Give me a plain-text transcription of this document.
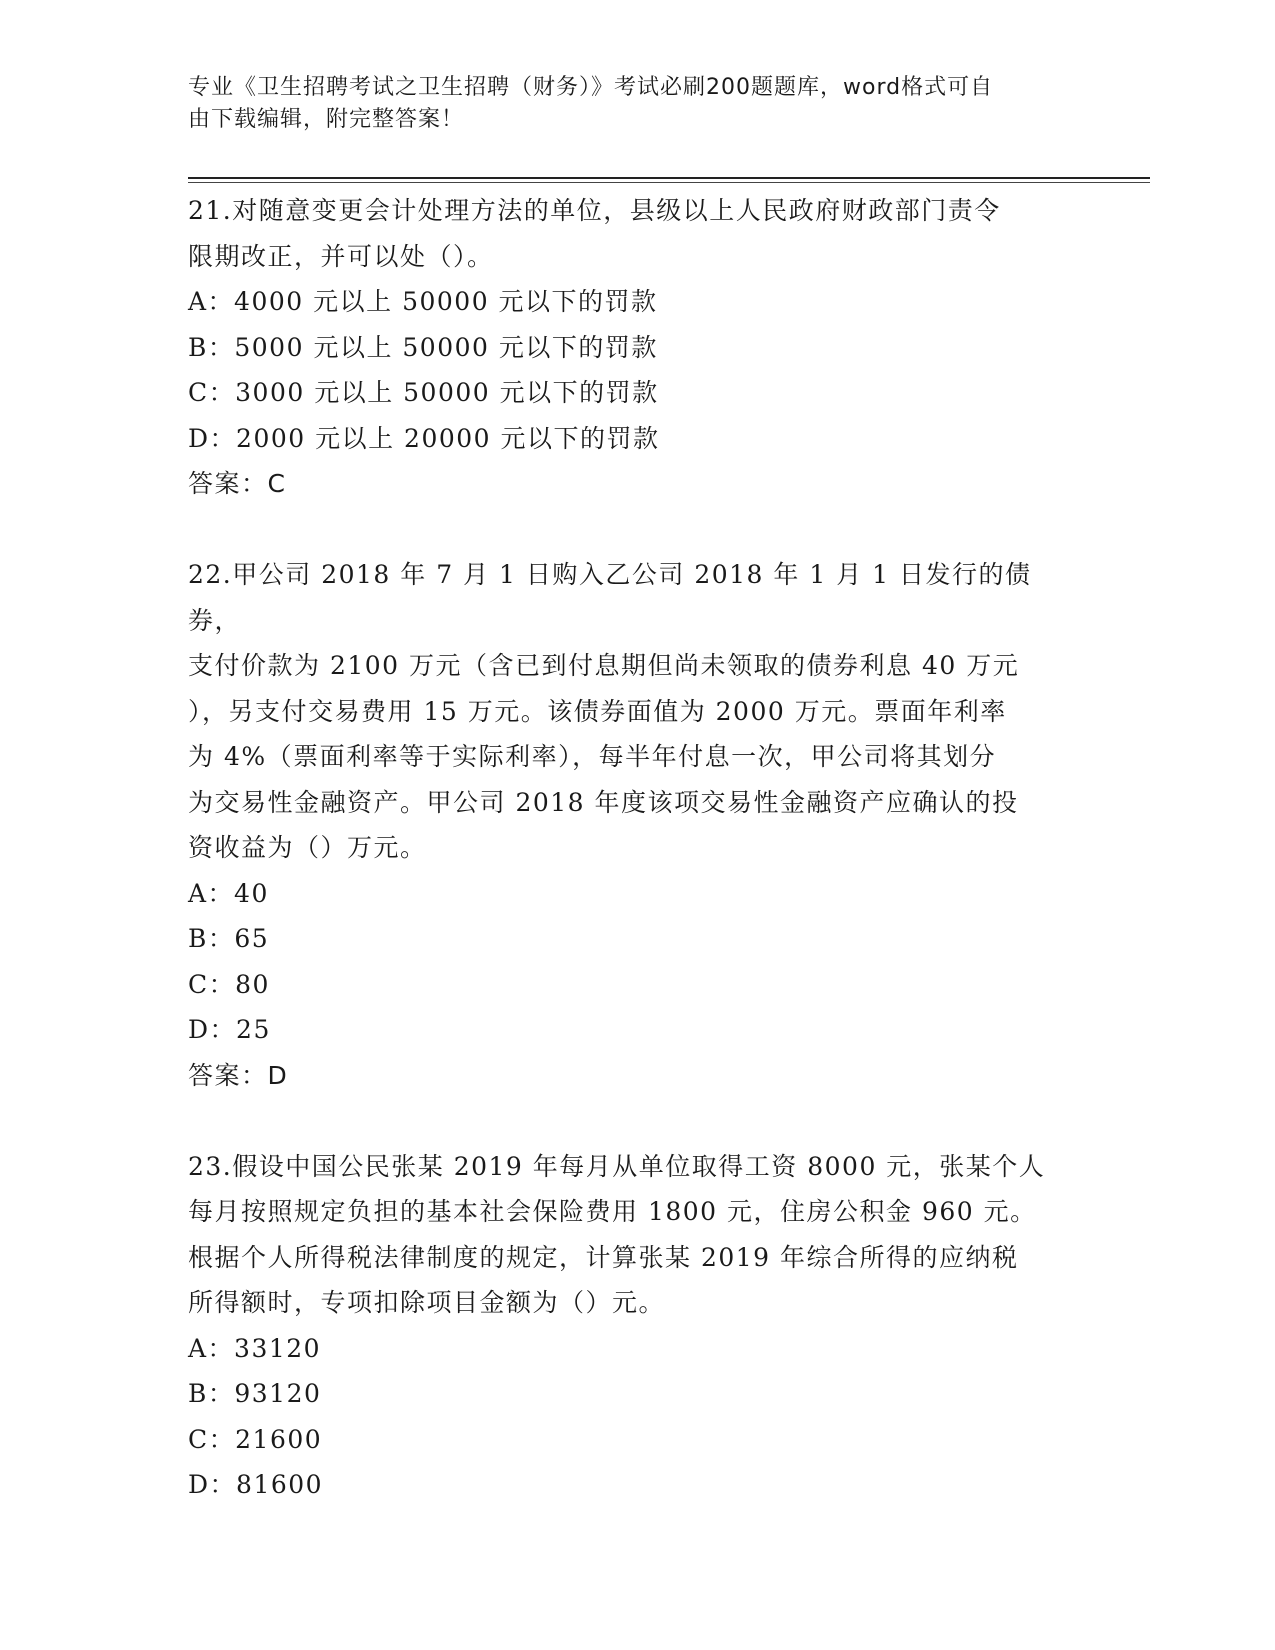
专业《卫生招聘考试之卫生招聘（财务）》考试必刷200题题库，word格式可自
由下载编辑，附完整答案！

21.对随意变更会计处理方法的单位，县级以上人民政府财政部门责令

限期改正，并可以处（）。

A：4000 元以上 50000 元以下的罚款

B：5000 元以上 50000 元以下的罚款

C：3000 元以上 50000 元以下的罚款

D：2000 元以上 20000 元以下的罚款

答案：C

22.甲公司 2018 年 7 月 1 日购入乙公司 2018 年 1 月 1 日发行的债券，

支付价款为 2100 万元（含已到付息期但尚未领取的债券利息 40 万元

），另支付交易费用 15 万元。该债券面值为 2000 万元。票面年利率

为 4%（票面利率等于实际利率），每半年付息一次，甲公司将其划分

为交易性金融资产。甲公司 2018 年度该项交易性金融资产应确认的投

资收益为（）万元。

A：40

B：65

C：80

D：25

答案：D

23.假设中国公民张某 2019 年每月从单位取得工资 8000 元，张某个人

每月按照规定负担的基本社会保险费用 1800 元，住房公积金 960 元。

根据个人所得税法律制度的规定，计算张某 2019 年综合所得的应纳税

所得额时，专项扣除项目金额为（）元。

A：33120

B：93120

C：21600

D：81600
